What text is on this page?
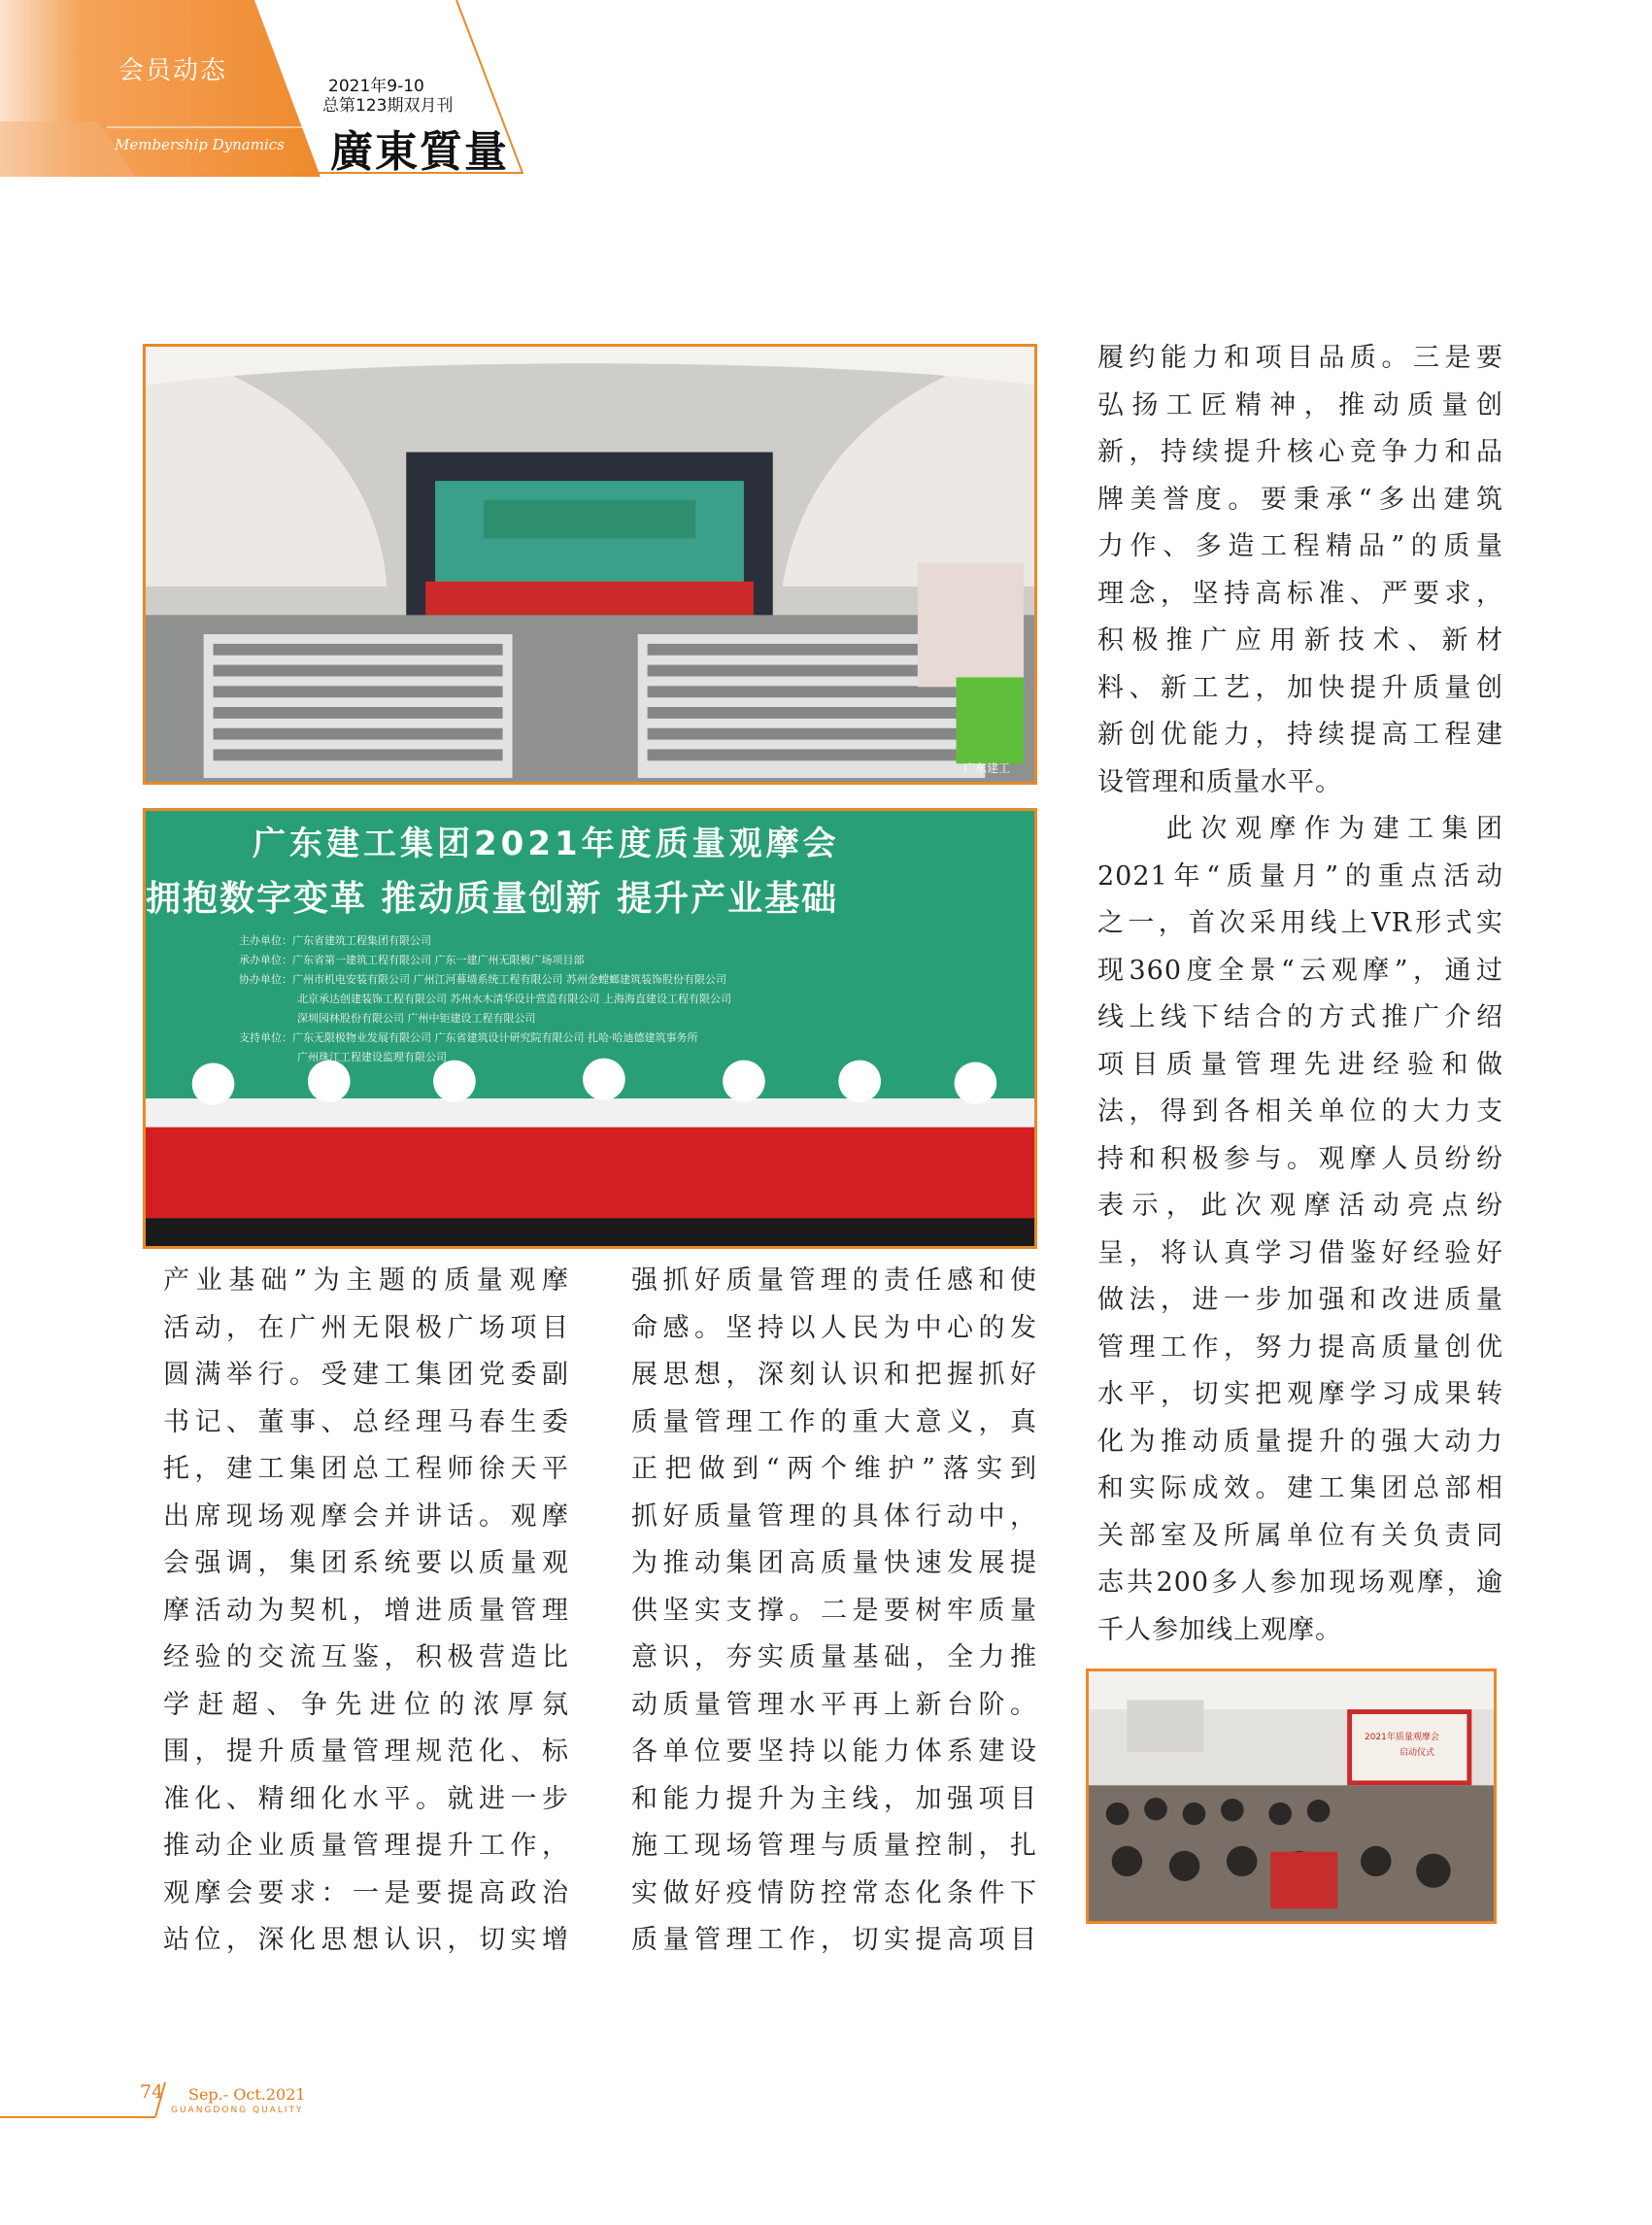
会员动态
Membership Dynamics
2021年9-10
总第123期双月刊
廣東質量
广东建工
广东建工集团2021年度质量观摩会
拥抱数字变革 推动质量创新 提升产业基础
主办单位：广东省建筑工程集团有限公司
承办单位：广东省第一建筑工程有限公司 广东一建广州无限极广场项目部
协办单位：广州市机电安装有限公司 广州江河幕墙系统工程有限公司 苏州金螳螂建筑装饰股份有限公司
北京承达创建装饰工程有限公司 苏州水木清华设计营造有限公司 上海海直建设工程有限公司
深圳园林股份有限公司 广州中钜建设工程有限公司
支持单位：广东无限极物业发展有限公司 广东省建筑设计研究院有限公司 扎哈·哈迪德建筑事务所
广州珠江工程建设监理有限公司
2021年质量观摩会
启动仪式

产业基础”为主题的质量观摩

活动，在广州无限极广场项目

圆满举行。受建工集团党委副

书记、董事、总经理马春生委

托，建工集团总工程师徐天平

出席现场观摩会并讲话。观摩

会强调，集团系统要以质量观

摩活动为契机，增进质量管理

经验的交流互鉴，积极营造比

学赶超、争先进位的浓厚氛

围，提升质量管理规范化、标

准化、精细化水平。就进一步

推动企业质量管理提升工作，

观摩会要求：一是要提高政治

站位，深化思想认识，切实增

强抓好质量管理的责任感和使

命感。坚持以人民为中心的发

展思想，深刻认识和把握抓好

质量管理工作的重大意义，真

正把做到“两个维护”落实到

抓好质量管理的具体行动中，

为推动集团高质量快速发展提

供坚实支撑。二是要树牢质量

意识，夯实质量基础，全力推

动质量管理水平再上新台阶。

各单位要坚持以能力体系建设

和能力提升为主线，加强项目

施工现场管理与质量控制，扎

实做好疫情防控常态化条件下

质量管理工作，切实提高项目

履约能力和项目品质。三是要

弘扬工匠精神，推动质量创

新，持续提升核心竞争力和品

牌美誉度。要秉承“多出建筑

力作、多造工程精品”的质量

理念，坚持高标准、严要求，

积极推广应用新技术、新材

料、新工艺，加快提升质量创

新创优能力，持续提高工程建

设管理和质量水平。

　　此次观摩作为建工集团

2021年“质量月”的重点活动

之一，首次采用线上VR形式实

现360度全景“云观摩”，通过

线上线下结合的方式推广介绍

项目质量管理先进经验和做

法，得到各相关单位的大力支

持和积极参与。观摩人员纷纷

表示，此次观摩活动亮点纷

呈，将认真学习借鉴好经验好

做法，进一步加强和改进质量

管理工作，努力提高质量创优

水平，切实把观摩学习成果转

化为推动质量提升的强大动力

和实际成效。建工集团总部相

关部室及所属单位有关负责同

志共200多人参加现场观摩，逾

千人参加线上观摩。

74 Sep.- Oct.2021
GUANGDONG QUALITY
